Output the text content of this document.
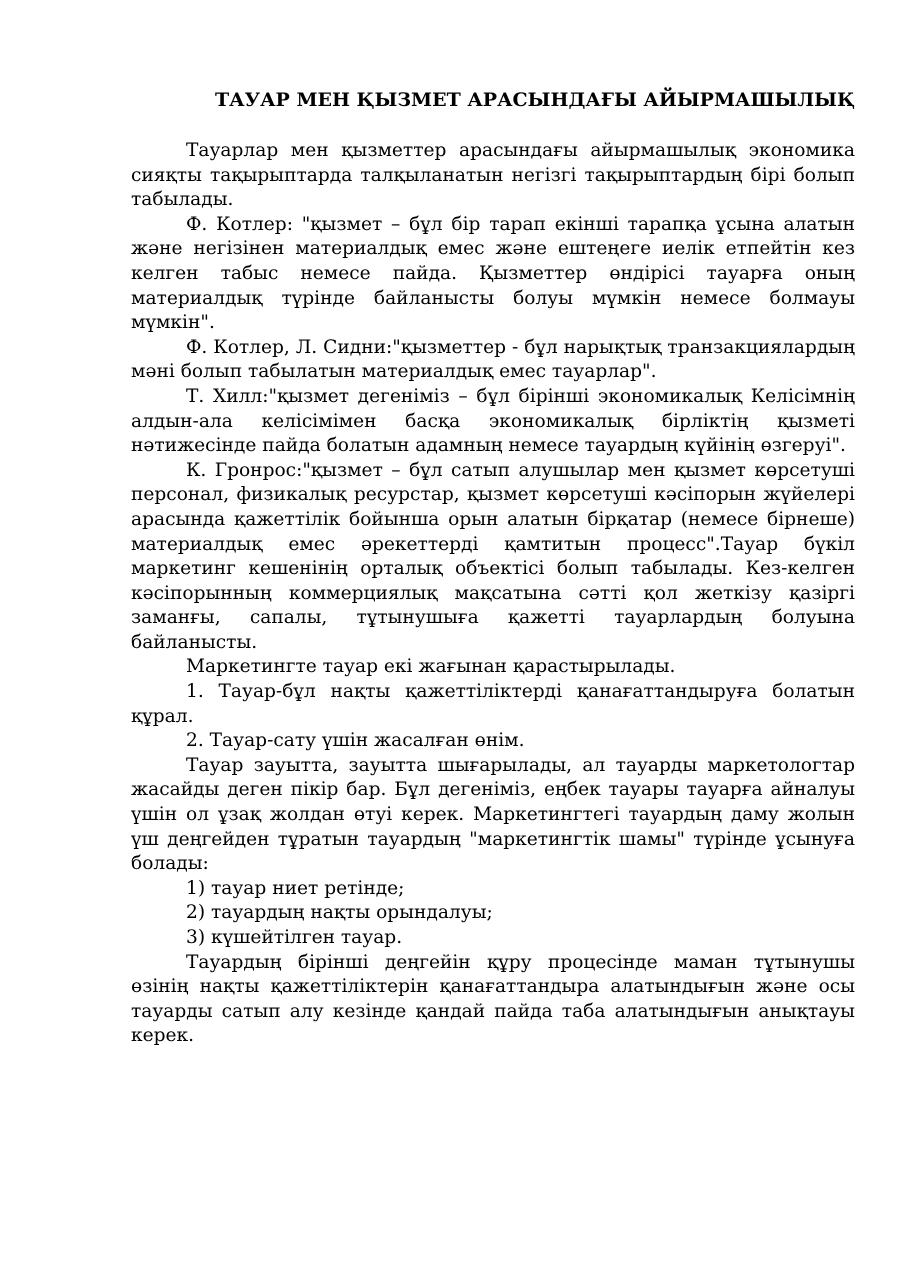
ТАУАР МЕН ҚЫЗМЕТ АРАСЫНДАҒЫ АЙЫРМАШЫЛЫҚ

Тауарлар мен қызметтер арасындағы айырмашылық экономика сияқты тақырыптарда талқыланатын негізгі тақырыптардың бірі болып табылады.

Ф. Котлер: "қызмет – бұл бір тарап екінші тарапқа ұсына алатын және негізінен материалдық емес және ештеңеге иелік етпейтін кез келген табыс немесе пайда. Қызметтер өндірісі тауарға оның материалдық түрінде байланысты болуы мүмкін немесе болмауы мүмкін".

Ф. Котлер, Л. Сидни:"қызметтер - бұл нарықтық транзакциялардың мәні болып табылатын материалдық емес тауарлар".

Т. Хилл:"қызмет дегеніміз – бұл бірінші экономикалық Келісімнің алдын-ала келісімімен басқа экономикалық бірліктің қызметі нәтижесінде пайда болатын адамның немесе тауардың күйінің өзгеруі".

К. Гронрос:"қызмет – бұл сатып алушылар мен қызмет көрсетуші персонал, физикалық ресурстар, қызмет көрсетуші кәсіпорын жүйелері арасында қажеттілік бойынша орын алатын бірқатар (немесе бірнеше) материалдық емес әрекеттерді қамтитын процесс".Тауар бүкіл маркетинг кешенінің орталық объектісі болып табылады. Кез-келген кәсіпорынның коммерциялық мақсатына сәтті қол жеткізу қазіргі заманғы, сапалы, тұтынушыға қажетті тауарлардың болуына байланысты.

Маркетингте тауар екі жағынан қарастырылады.

1. Тауар-бұл нақты қажеттіліктерді қанағаттандыруға болатын құрал.

2. Тауар-сату үшін жасалған өнім.

Тауар зауытта, зауытта шығарылады, ал тауарды маркетологтар жасайды деген пікір бар. Бұл дегеніміз, еңбек тауары тауарға айналуы үшін ол ұзақ жолдан өтуі керек. Маркетингтегі тауардың даму жолын үш деңгейден тұратын тауардың "маркетингтік шамы" түрінде ұсынуға болады:

1) тауар ниет ретінде;

2) тауардың нақты орындалуы;

3) күшейтілген тауар.

Тауардың бірінші деңгейін құру процесінде маман тұтынушы өзінің нақты қажеттіліктерін қанағаттандыра алатындығын және осы тауарды сатып алу кезінде қандай пайда таба алатындығын анықтауы керек.
